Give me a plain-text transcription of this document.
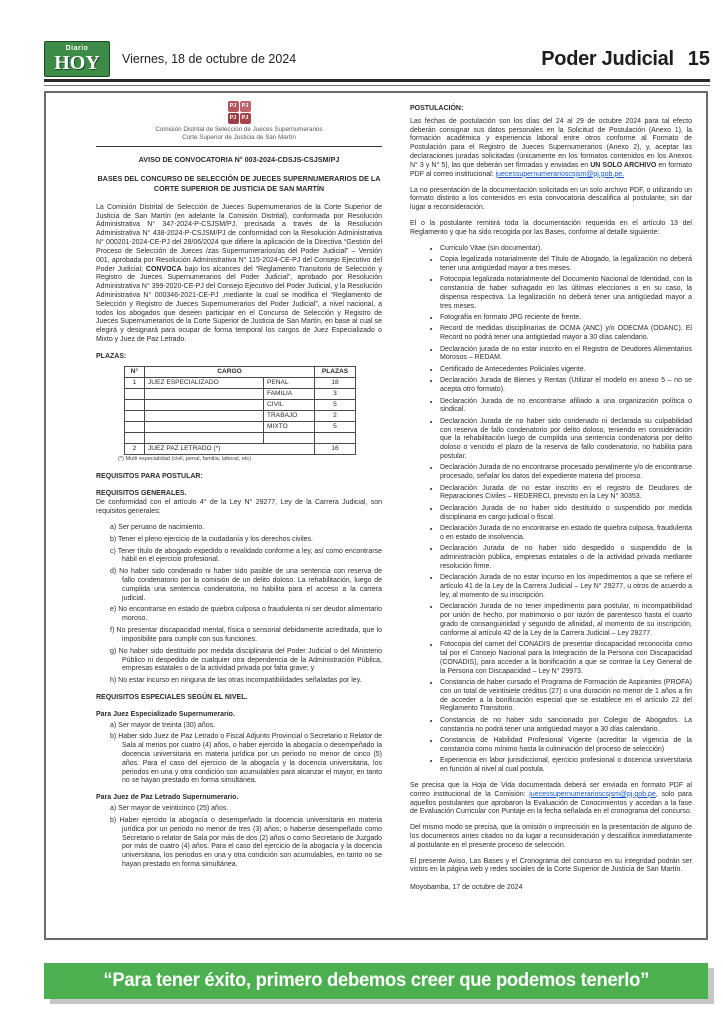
Diario
HOY Viernes, 18 de octubre de 2024	Poder Judicial 15
PJ PJ
PJ PJ
Comisión Distrital de Selección de Jueces Supernumerarios
Corte Superior de Justicia de San Martín
AVISO DE CONVOCATORIA N° 003-2024-CDSJS-CSJSM/PJ
BASES DEL CONCURSO DE SELECCIÓN DE JUECES SUPERNUMERARIOS DE LA CORTE SUPERIOR DE JUSTICIA DE SAN MARTÍN

La Comisión Distrital de Selección de Jueces Supernumerarios de la Corte Superior de Justicia de San Martín (en adelante la Comisión Distrital), conformada por Resolución Administrativa N° 347-2024-P-CSJSM/PJ, precisada a través de la Resolución Administrativa N° 438-2024-P-CSJSM/PJ de conformidad con la Resolución Administrativa N° 000201-2024-CE-PJ del 28/06/2024 que difiere la aplicación de la Directiva “Gestión del Proceso de Selección de Jueces /zas Supernumerarios/as del Poder Judicial” – Versión 001, aprobada por Resolución Administrativa N° 115-2024-CE-PJ del Consejo Ejecutivo del Poder Judicial; CONVOCA bajo los alcances del “Reglamento Transitorio de Selección y Registro de Jueces Supernumerarios del Poder Judicial”, aprobado por Resolución Administrativa N° 399-2020-CE-PJ del Consejo Ejecutivo del Poder Judicial, y la Resolución Administrativa N° 000346-2021-CE-PJ ,mediante la cual se modifica el “Reglamento de Selección y Registro de Jueces Supernumerarios del Poder Judicial”, a nivel nacional, a todos los abogados que deseen participar en el Concurso de Selección y Registro de Jueces Supernumerarios de la Corte Superior de Justicia de San Martín, en base al cual se elegirá y designará para ocupar de forma temporal los cargos de Juez Especializado o Mixto y Juez de Paz Letrado.

PLAZAS:
N°	CARGO		PLAZAS
1	JUEZ ESPECIALIZADO	PENAL	18
		FAMILIA	3
		CIVIL	5
		TRABAJO	2
		MIXTO	5

2	JUEZ PAZ LETRADO (*)		16
(*) Multi especialidad (civil, penal, familia, laboral, etc)
REQUISITOS PARA POSTULAR:
REQUISITOS GENERALES.

De conformidad con el artículo 4° de la Ley N° 29277, Ley de la Carrera Judicial, son requisitos generales:

a) Ser peruano de nacimiento.
b) Tener el pleno ejercicio de la ciudadanía y los derechos civiles.
c) Tener título de abogado expedido o revalidado conforme a ley, así como encontrarse hábil en el ejercicio profesional.
d) No haber sido condenado ni haber sido pasible de una sentencia con reserva de fallo condenatorio por la comisión de un delito doloso. La rehabilitación, luego de cumplida una sentencia condenatoria, no habilita para el acceso a la carrera judicial.
e) No encontrarse en estado de quiebra culposa o fraudulenta ni ser deudor alimentario moroso.
f) No presentar discapacidad mental, física o sensorial debidamente acreditada, que lo imposibilite para cumplir con sus funciones.
g) No haber sido destituido por medida disciplinaria del Poder Judicial o del Ministerio Público ni despedido de cualquier otra dependencia de la Administración Pública, empresas estatales o de la actividad privada por falta grave; y
h) No estar incurso en ninguna de las otras incompatibilidades señaladas por ley.
REQUISITOS ESPECIALES SEGÚN EL NIVEL.
Para Juez Especializado Supernumerario.
a) Ser mayor de treinta (30) años.
b) Haber sido Juez de Paz Letrado o Fiscal Adjunto Provincial o Secretario o Relator de Sala al menos por cuatro (4) años, o haber ejercido la abogacía o desempeñado la docencia universitaria en materia jurídica por un periodo no menor de cinco (5) años. Para el caso del ejercicio de la abogacía y la docencia universitaria, los periodos en una y otra condición son acumulables para alcanzar el mayor, en tanto no se hayan prestado en forma simultánea.
Para Juez de Paz Letrado Supernumerario.
a) Ser mayor de veinticinco (25) años.
b) Haber ejercido la abogacía o desempeñado la docencia universitaria en materia jurídica por un periodo no menor de tres (3) años; o haberse desempeñado como Secretario o relator de Sala por más de dos (2) años o como Secretario de Juzgado por más de cuatro (4) años. Para el caso del ejercicio de la abogacía y la docencia universitaria, los periodos en una y otra condición son acumulables, en tanto no se hayan prestado en forma simultánea.
POSTULACIÓN:

Las fechas de postulación son los días del 24 al 29 de octubre 2024 para tal efecto deberán consignar sus datos personales en la Solicitud de Postulación (Anexo 1), la formación académica y experiencia laboral entre otros conforme al Formato de Postulación para el Registro de Jueces Supernumerarios (Anexo 2), y, aceptar las declaraciones juradas solicitadas (únicamente en los formatos contenidos en los Anexos N° 3 y N° 5), las que deberán ser firmadas y enviadas en UN SOLO ARCHIVO en formato PDF al correo institucional: juecessupernumerarioscsjsm@pj.gob.pe.

La no presentación de la documentación solicitada en un solo archivo PDF, o utilizando un formato distinto a los contenidos en esta convocatoria descalifica al postulante, sin dar lugar a reconsideración.

El o la postulante remitirá toda la documentación requerida en el artículo 13 del Reglamento y que ha sido recogida por las Bases, conforme al detalle siguiente:

• Curriculo Vitae (sin documentar).
• Copia legalizada notarialmente del Título de Abogado, la legalización no deberá tener una antigüedad mayor a tres meses.
• Fotocopia legalizada notarialmente del Documento Nacional de Identidad, con la constancia de haber sufragado en las últimas elecciones o en su caso, la dispensa respectiva. La legalización no deberá tener una antigüedad mayor a tres meses.
• Fotografía en formato JPG reciente de frente.
• Record de medidas disciplinarias de OCMA (ANC) y/o ODECMA (ODANC). El Record no podrá tener una antigüedad mayor a 30 días calendario.
• Declaración jurada de no estar inscrito en el Registro de Deudores Alimentarios Morosos – REDAM.
• Certificado de Antecedentes Policiales vigente.
• Declaración Jurada de Bienes y Rentas (Utilizar el modelo en anexo 5 – no se acepta otro formato).
• Declaración Jurada de no encontrarse afiliado a una organización política o sindical.
• Declaración Jurada de no haber sido condenado ni declarada su culpabilidad con reserva de fallo condenatorio por delito doloso, teniendo en consideración que la rehabilitación luego de cumplida una sentencia condenatoria por delito doloso o vencido el plazo de la reserva de fallo condenatorio, no habilita para postular.
• Declaración Jurada de no encontrarse procesado penalmente y/o de encontrarse procesado, señalar los datos del expediente materia del proceso.
• Declaración Jurada de no estar inscrito en el registro de Deudores de Reparaciones Civiles – REDERECI, previsto en la Ley N° 30353.
• Declaración Jurada de no haber sido destituido o suspendido por medida disciplinaria en cargo judicial o fiscal.
• Declaración Jurada de no encontrarse en estado de quiebra culposa, fraudulenta o en estado de insolvencia.
• Declaración Jurada de no haber sido despedido o suspendido de la administración pública, empresas estatales o de la actividad privada mediante resolución firme.
• Declaración Jurada de no estar incurso en los impedimentos a que se refiere el artículo 41 de la Ley de la Carrera Judicial – Ley N° 29277, u otros de acuerdo a ley, al momento de su inscripción.
• Declaración Jurada de no tener impedimento para postular, ni incompatibilidad por unión de hecho, por matrimonio o por razón de parentesco hasta el cuarto grado de consanguinidad y segundo de afinidad, al momento de su inscripción, conforme al artículo 42 de la Ley de la Carrera Judicial – Ley 29277.
• Fotocopia del carnet del CONADIS de presentar discapacidad reconocida como tal por el Consejo Nacional para la Integración de la Persona con Discapacidad (CONADIS), para acceder a la bonificación a que se contrae la Ley General de la Persona con Discapacidad – Ley N° 29973.
• Constancia de haber cursado el Programa de Formación de Aspirantes (PROFA) con un total de veintisiete créditos (27) o una duración no menor de 1 años a fin de acceder a la bonificación especial que se establece en el artículo 22 del Reglamento Transitorio.
• Constancia de no haber sido sancionado por Colegio de Abogados. La constancia no podrá tener una antigüedad mayor a 30 días calendario.
• Constancia de Habilidad Profesional Vigente (acreditar la vigencia de la constancia como mínimo hasta la culminación del proceso de selección)
• Experiencia en labor jurisdiccional, ejercicio profesional o docencia universitaria en función al nivel al cual postula.

Se precisa que la Hoja de Vida documentada deberá ser enviada en formato PDF al correo institucional de la Comisión: juecessupernumerarioscsjsm@pj.gob.pe, solo para aquellos postulantes que aprobaron la Evaluación de Conocimientos y accedan a la fase de Evaluación Curricular con Puntaje en la fecha señalada en el cronograma del concurso.

Del mismo modo se precisa, que la omisión o imprecisión en la presentación de alguno de los documentos antes citados no da lugar a reconsideración y descalifica inmediatamente al postulante en el presente proceso de selección.

El presente Aviso, Las Bases y el Cronograma del concurso en su integridad podrán ser vistos en la página web y redes sociales de la Corte Superior de Justicia de San Martín.

Moyobamba, 17 de octubre de 2024
“Para tener éxito, primero debemos creer que podemos tenerlo”
